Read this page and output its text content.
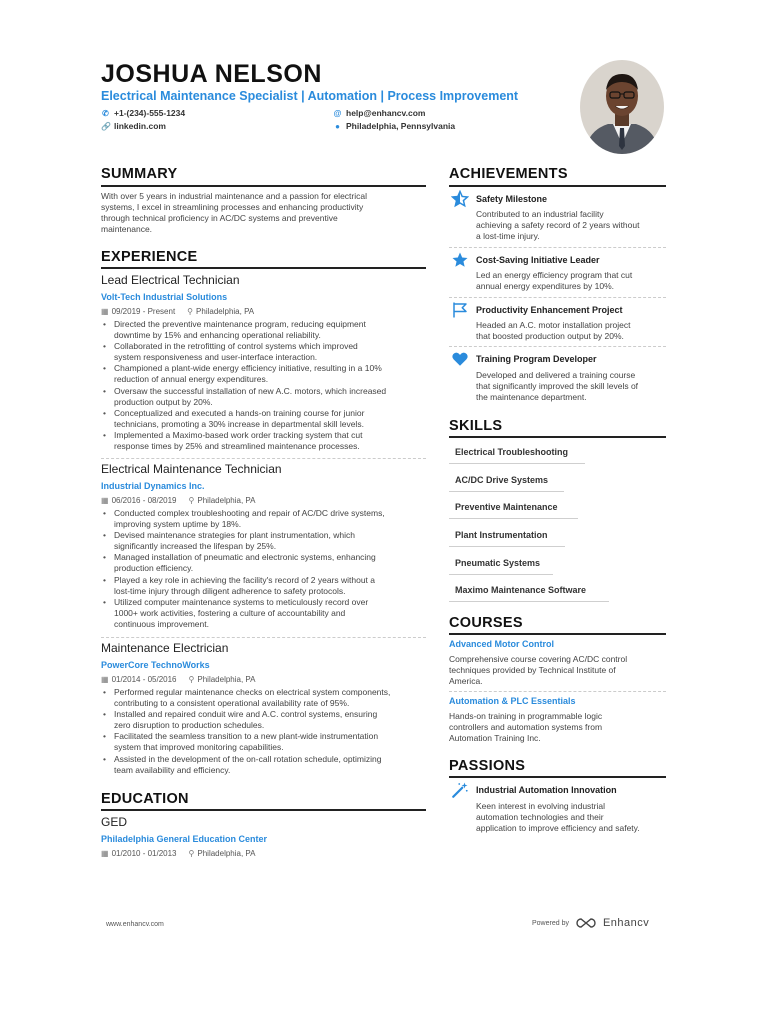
JOSHUA NELSON
Electrical Maintenance Specialist | Automation | Process Improvement
✆ +1-(234)-555-1234
🔗 linkedin.com
@ help@enhancv.com
● Philadelphia, Pennsylvania
SUMMARY
With over 5 years in industrial maintenance and a passion for electrical
systems, I excel in streamlining processes and enhancing productivity
through technical proficiency in AC/DC systems and preventive
maintenance.
EXPERIENCE
Lead Electrical Technician
Volt-Tech Industrial Solutions
▦ 09/2019 - Present ⚲ Philadelphia, PA
• Directed the preventive maintenance program, reducing equipment
downtime by 15% and enhancing operational reliability.
• Collaborated in the retrofitting of control systems which improved
system responsiveness and user-interface interaction.
• Championed a plant-wide energy efficiency initiative, resulting in a 10%
reduction of annual energy expenditures.
• Oversaw the successful installation of new A.C. motors, which increased
production output by 20%.
• Conceptualized and executed a hands-on training course for junior
technicians, promoting a 30% increase in departmental skill levels.
• Implemented a Maximo-based work order tracking system that cut
response times by 25% and streamlined maintenance processes.
Electrical Maintenance Technician
Industrial Dynamics Inc.
▦ 06/2016 - 08/2019 ⚲ Philadelphia, PA
• Conducted complex troubleshooting and repair of AC/DC drive systems,
improving system uptime by 18%.
• Devised maintenance strategies for plant instrumentation, which
significantly increased the lifespan by 25%.
• Managed installation of pneumatic and electronic systems, enhancing
production efficiency.
• Played a key role in achieving the facility's record of 2 years without a
lost-time injury through diligent adherence to safety protocols.
• Utilized computer maintenance systems to meticulously record over
1000+ work activities, fostering a culture of accountability and
continuous improvement.
Maintenance Electrician
PowerCore TechnoWorks
▦ 01/2014 - 05/2016 ⚲ Philadelphia, PA
• Performed regular maintenance checks on electrical system components,
contributing to a consistent operational availability rate of 95%.
• Installed and repaired conduit wire and A.C. control systems, ensuring
zero disruption to production schedules.
• Facilitated the seamless transition to a new plant-wide instrumentation
system that improved monitoring capabilities.
• Assisted in the development of the on-call rotation schedule, optimizing
team availability and efficiency.
EDUCATION
GED
Philadelphia General Education Center
▦ 01/2010 - 01/2013 ⚲ Philadelphia, PA
ACHIEVEMENTS
Safety Milestone
Contributed to an industrial facility
achieving a safety record of 2 years without
a lost-time injury.
Cost-Saving Initiative Leader
Led an energy efficiency program that cut
annual energy expenditures by 10%.
Productivity Enhancement Project
Headed an A.C. motor installation project
that boosted production output by 20%.
Training Program Developer
Developed and delivered a training course
that significantly improved the skill levels of
the maintenance department.
SKILLS
Electrical Troubleshooting
AC/DC Drive Systems
Preventive Maintenance
Plant Instrumentation
Pneumatic Systems
Maximo Maintenance Software
COURSES
Advanced Motor Control
Comprehensive course covering AC/DC control
techniques provided by Technical Institute of
America.
Automation & PLC Essentials
Hands-on training in programmable logic
controllers and automation systems from
Automation Training Inc.
PASSIONS
Industrial Automation Innovation
Keen interest in evolving industrial
automation technologies and their
application to improve efficiency and safety.
www.enhancv.com	Powered by	Enhancv
